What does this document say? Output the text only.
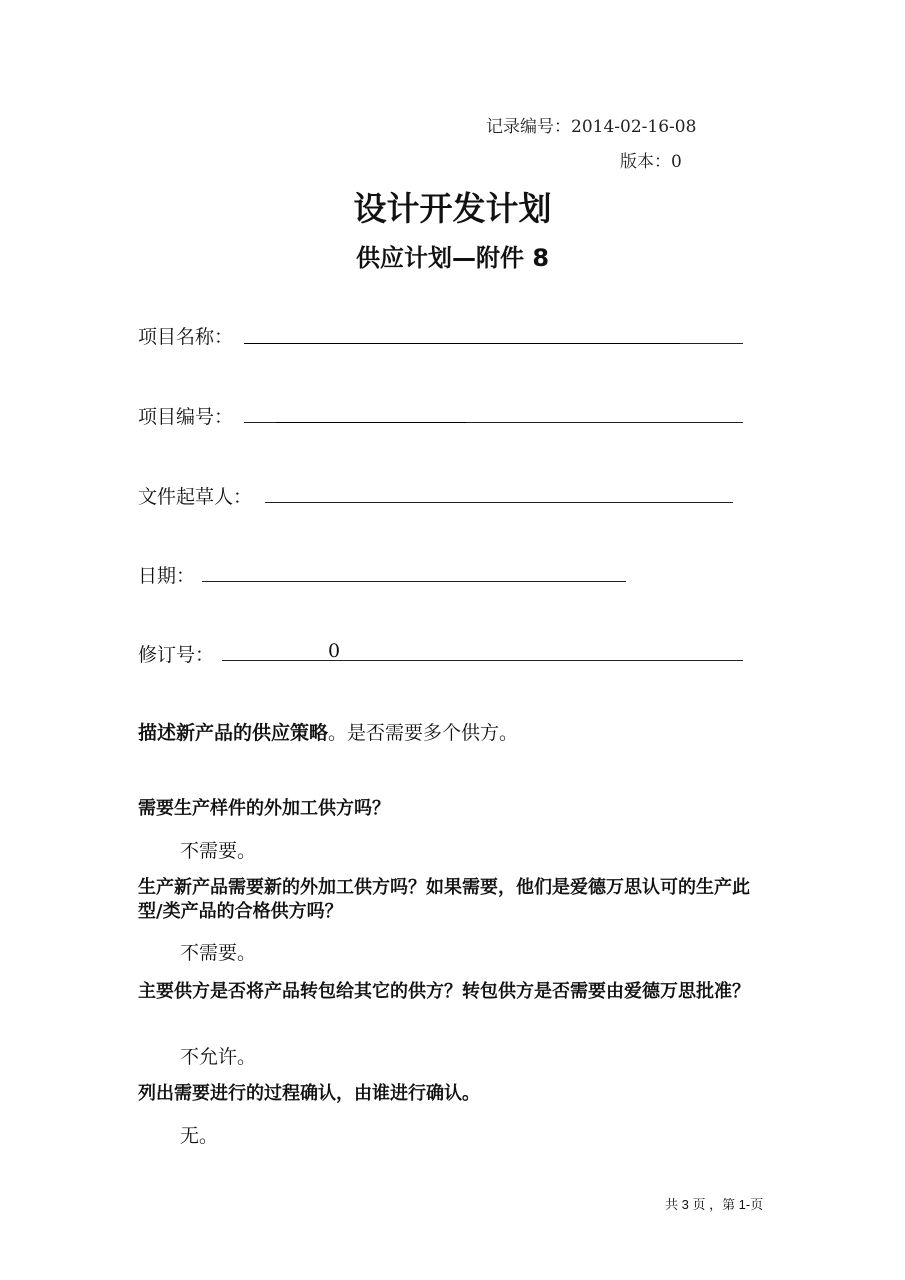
记录编号：2014-02-16-08
版本：0
设计开发计划
供应计划—附件 8
项目名称：
项目编号：
文件起草人：
日期：
修订号：	0
描述新产品的供应策略。是否需要多个供方。
需要生产样件的外加工供方吗？
不需要。
生产新产品需要新的外加工供方吗？如果需要，他们是爱德万思认可的生产此型/类产品的合格供方吗？
不需要。
主要供方是否将产品转包给其它的供方？转包供方是否需要由爱德万思批准？
不允许。
列出需要进行的过程确认，由谁进行确认。
无。
共 3 页 ，第 1-页
